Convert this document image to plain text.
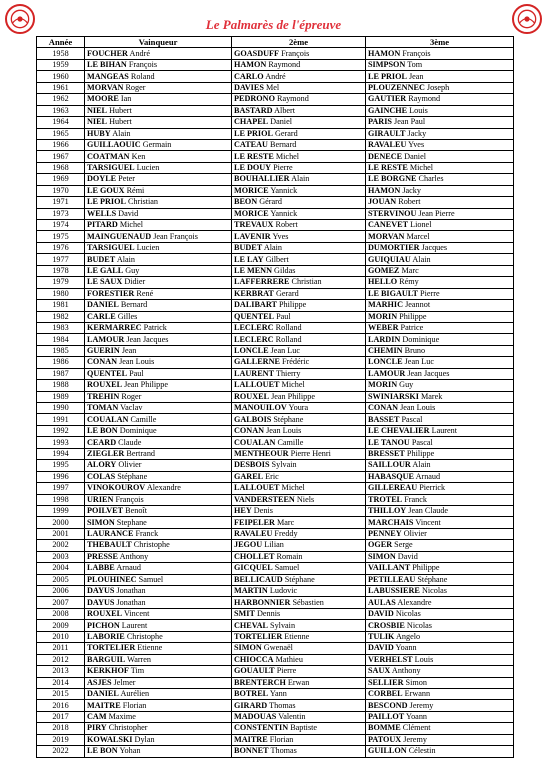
Le Palmarès de l'épreuve
Année	Vainqueur	2ème	3ème
1958	FOUCHER André	GOASDUFF François	HAMON François
1959	LE BIHAN François	HAMON Raymond	SIMPSON Tom
1960	MANGEAS Roland	CARLO André	LE PRIOL Jean
1961	MORVAN Roger	DAVIES Mel	PLOUZENNEC Joseph
1962	MOORE Ian	PEDRONO Raymond	GAUTIER Raymond
1963	NIEL Hubert	BASTARD Albert	GAINCHE Louis
1964	NIEL Hubert	CHAPEL Daniel	PARIS Jean Paul
1965	HUBY Alain	LE PRIOL Gerard	GIRAULT Jacky
1966	GUILLAOUIC Germain	CATEAU Bernard	RAVALEU Yves
1967	COATMAN Ken	LE RESTE Michel	DENECE Daniel
1968	TARSIGUEL Lucien	LE DOUY Pierre	LE RESTE Michel
1969	DOYLE Peter	BOUHALLIER Alain	LE BORGNE Charles
1970	LE GOUX Rémi	MORICE Yannick	HAMON Jacky
1971	LE PRIOL Christian	BEON Gérard	JOUAN Robert
1973	WELLS David	MORICE Yannick	STERVINOU Jean Pierre
1974	PITARD Michel	TREVAUX Robert	CANEVET Lionel
1975	MAINGUENAUD Jean François	LAVENIR Yves	MORVAN Marcel
1976	TARSIGUEL Lucien	BUDET Alain	DUMORTIER Jacques
1977	BUDET Alain	LE LAY Gilbert	GUIQUIAU Alain
1978	LE GALL Guy	LE MENN Gildas	GOMEZ Marc
1979	LE SAUX Didier	LAFFERRERE Christian	HELLO Rémy
1980	FORESTIER René	KERBRAT Gerard	LE BIGAULT Pierre
1981	DANIEL Bernard	DALIBART Philippe	MARHIC Jeannot
1982	CARLE Gilles	QUENTEL Paul	MORIN Philippe
1983	KERMARREC Patrick	LECLERC Rolland	WEBER Patrice
1984	LAMOUR Jean Jacques	LECLERC Rolland	LARDIN Dominique
1985	GUERIN Jean	LONCLE Jean Luc	CHEMIN Bruno
1986	CONAN Jean Louis	GALLERNE Frédéric	LONCLE Jean Luc
1987	QUENTEL Paul	LAURENT Thierry	LAMOUR Jean Jacques
1988	ROUXEL Jean Philippe	LALLOUET Michel	MORIN Guy
1989	TREHIN Roger	ROUXEL Jean Philippe	SWINIARSKI Marek
1990	TOMAN Vaclav	MANOUILOV Youra	CONAN Jean Louis
1991	COUALAN Camille	GALBOIS Stéphane	BASSET Pascal
1992	LE BON Dominique	CONAN Jean Louis	LE CHEVALIER Laurent
1993	CEARD Claude	COUALAN Camille	LE TANOU Pascal
1994	ZIEGLER Bertrand	MENTHEOUR Pierre Henri	BRESSET Philippe
1995	ALORY Olivier	DESBOIS Sylvain	SAILLOUR Alain
1996	COLAS Stéphane	GAREL Eric	HABASQUE Arnaud
1997	VINOKOUROV Alexandre	LALLOUET Michel	GILLEREAU Pierrick
1998	URIEN François	VANDERSTEEN Niels	TROTEL Franck
1999	POILVET Benoît	HEY Denis	THILLOY Jean Claude
2000	SIMON Stephane	FEIPELER Marc	MARCHAIS Vincent
2001	LAURANCE Franck	RAVALEU Freddy	PENNEY Olivier
2002	THEBAULT Christophe	JEGOU Lilian	OGER Serge
2003	PRESSE Anthony	CHOLLET Romain	SIMON David
2004	LABBE Arnaud	GICQUEL Samuel	VAILLANT Philippe
2005	PLOUHINEC Samuel	BELLICAUD Stéphane	PETILLEAU Stéphane
2006	DAYUS Jonathan	MARTIN Ludovic	LABUSSIERE Nicolas
2007	DAYUS Jonathan	HARBONNIER Sébastien	AULAS Alexandre
2008	ROUXEL Vincent	SMIT Dennis	DAVID Nicolas
2009	PICHON Laurent	CHEVAL Sylvain	CROSBIE Nicolas
2010	LABORIE Christophe	TORTELIER Etienne	TULIK Angelo
2011	TORTELIER Etienne	SIMON Gwenaël	DAVID Yoann
2012	BARGUIL Warren	CHIOCCA Mathieu	VERHELST Louis
2013	KERKHOF Tim	GOUAULT Pierre	SAUX Anthony
2014	ASJES Jelmer	BRENTERCH Erwan	SELLIER Simon
2015	DANIEL Aurélien	BOTREL Yann	CORBEL Erwann
2016	MAITRE Florian	GIRARD Thomas	BESCOND Jeremy
2017	CAM Maxime	MADOUAS Valentin	PAILLOT Yoann
2018	PIRY Christopher	CONSTENTIN Baptiste	BOMME Clément
2019	KOWALSKI Dylan	MAITRE Florian	PATOUX Jeremy
2022	LE BON Yohan	BONNET Thomas	GUILLON Célestin
